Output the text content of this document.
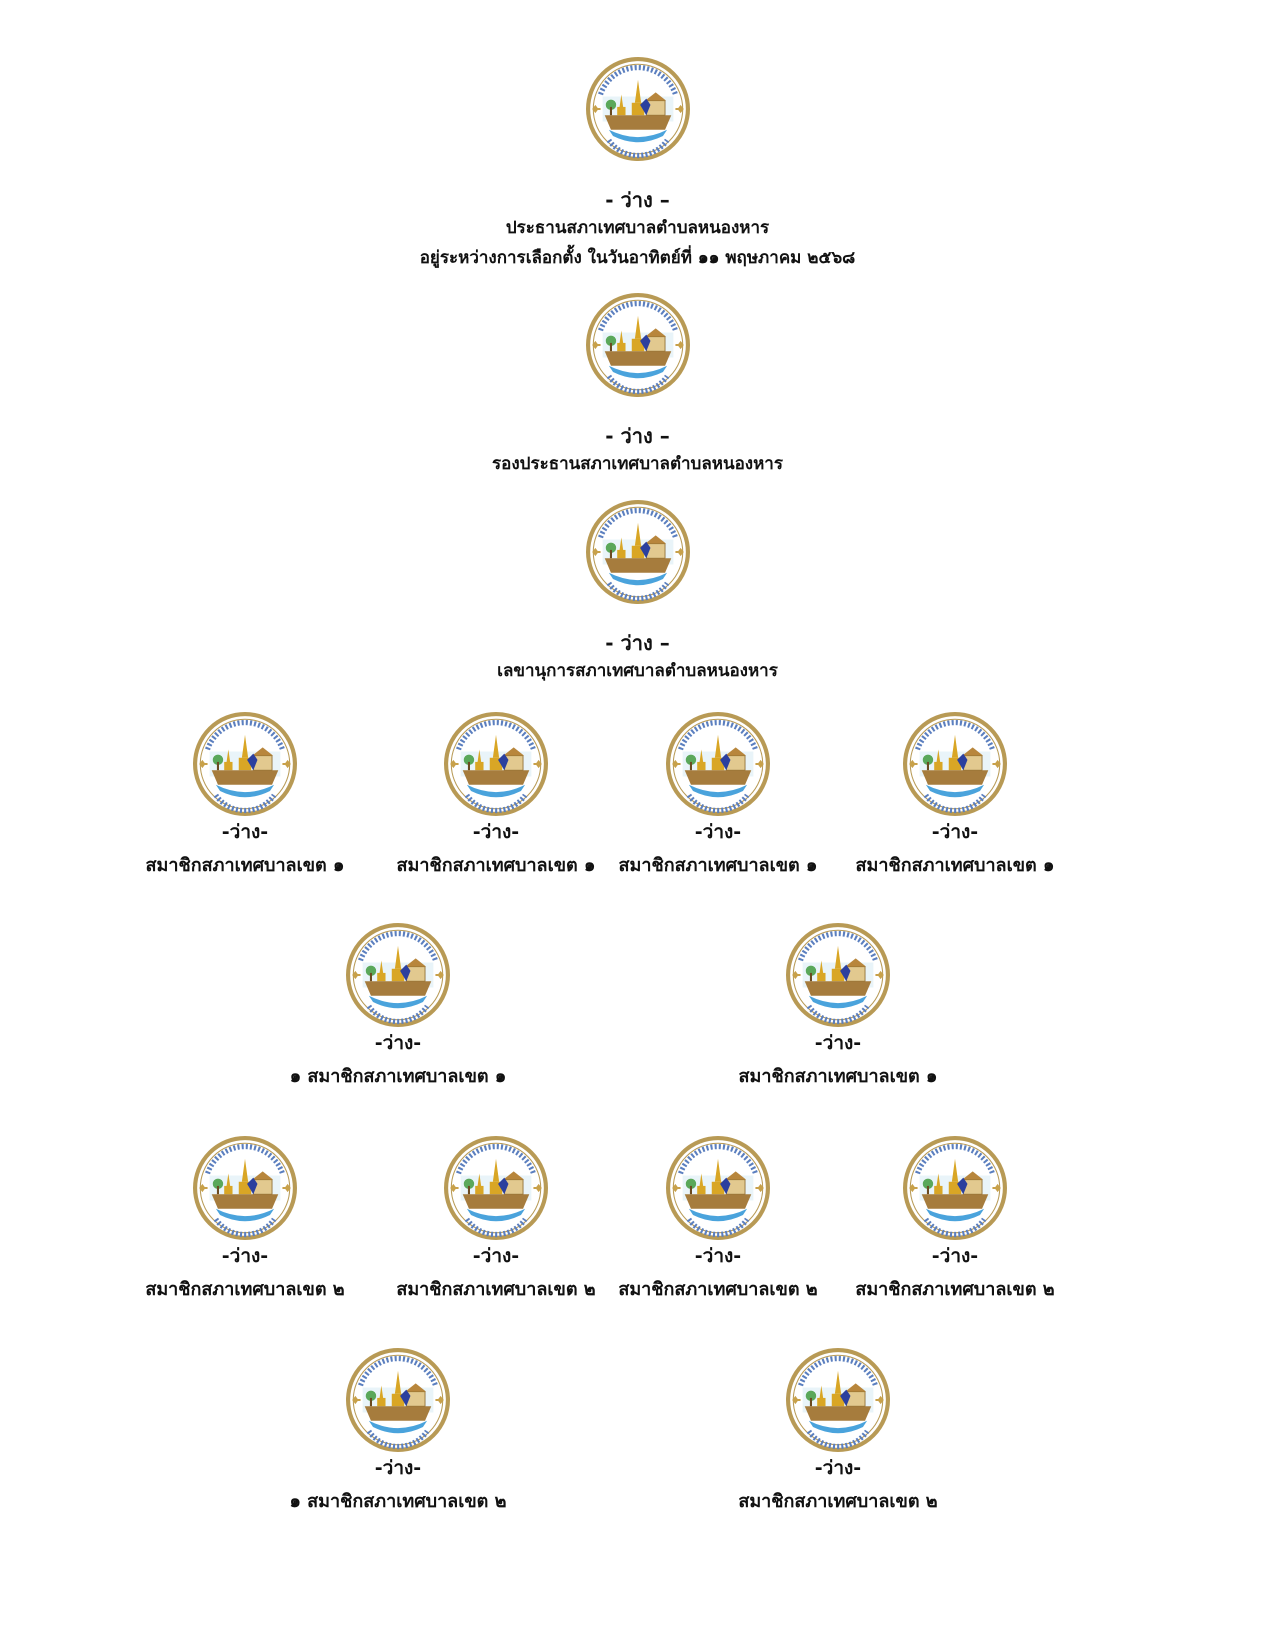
- ว่าง –
ประธานสภาเทศบาลตำบลหนองหาร
อยู่ระหว่างการเลือกตั้ง ในวันอาทิตย์ที่ ๑๑ พฤษภาคม ๒๕๖๘
- ว่าง –
รองประธานสภาเทศบาลตำบลหนองหาร
- ว่าง –
เลขานุการสภาเทศบาลตำบลหนองหาร
-ว่าง-
สมาชิกสภาเทศบาลเขต ๑
-ว่าง-
สมาชิกสภาเทศบาลเขต ๑
-ว่าง-
สมาชิกสภาเทศบาลเขต ๑
-ว่าง-
สมาชิกสภาเทศบาลเขต ๑
-ว่าง-
๑ สมาชิกสภาเทศบาลเขต ๑
-ว่าง-
สมาชิกสภาเทศบาลเขต ๑
-ว่าง-
สมาชิกสภาเทศบาลเขต ๒
-ว่าง-
สมาชิกสภาเทศบาลเขต ๒
-ว่าง-
สมาชิกสภาเทศบาลเขต ๒
-ว่าง-
สมาชิกสภาเทศบาลเขต ๒
-ว่าง-
๑ สมาชิกสภาเทศบาลเขต ๒
-ว่าง-
สมาชิกสภาเทศบาลเขต ๒
